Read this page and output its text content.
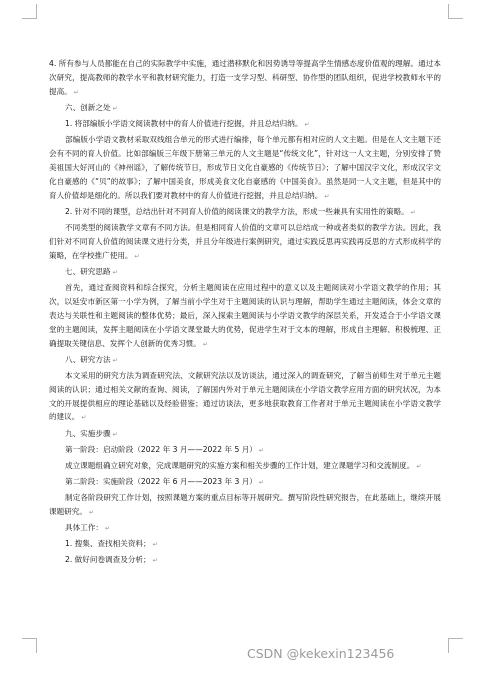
4. 所有参与人员都能在自己的实际教学中实施，通过潜移默化和因势诱导等提高学生情感态度价值观的理解。通过本次研究，提高教师的教学水平和教材研究能力，打造一支学习型、科研型、协作型的团队组织，促进学校教师水平的提高。 ↵

六、创新之处 ↵

1. 将部编版小学语文阅读教材中的育人价值进行挖掘，并且总结归纳。 ↵

部编版小学语文教材采取双线组合单元的形式进行编排，每个单元都有相对应的人文主题。但是在人文主题下还会有不同的育人价值。比如部编版三年级下册第三单元的人文主题是“传统文化”，针对这一人文主题，分别安排了赞美祖国大好河山的《神州谣》，了解传统节日，形成节日文化自豪感的《传统节日》；了解中国汉字文化，形成汉字文化自豪感的《“贝”的故事》；了解中国美食，形成美食文化自豪感的《中国美食》。虽然是同一人文主题，但是其中的育人价值却是细化的。所以我们要对教材中的育人价值进行挖掘，并且总结归纳。 ↵

2. 针对不同的课型，总结出针对不同育人价值的阅读课文的教学方法，形成一些兼具有实用性的策略。 ↵

不同类型的阅读教学文章有不同方法。但是相同育人价值的文章可以总结成一种或者类似的教学方法。因此，我们针对不同育人价值的阅读课文进行分类，并且分年级进行案例研究，通过实践反思再实践再反思的方式形成科学的策略，在学校推广使用。 ↵

七、研究思路 ↵

首先，通过查阅资料和综合探究，分析主题阅读在应用过程中的意义以及主题阅读对小学语文教学的作用；其次，以延安市新区第一小学为例，了解当前小学生对于主题阅读的认识与理解，帮助学生通过主题阅读，体会文章的表达与关联性和主题阅读的整体优势；最后，深入探索主题阅读与小学语文教学的深层关系，开发适合于小学语文课堂的主题阅读，发挥主题阅读在小学语文课堂最大的优势，促进学生对于文本的理解，形成自主理解、积极梳理、正确提取关键信息、发挥个人创新的优秀习惯。 ↵

八、研究方法 ↵

本文采用的研究方法为调查研究法、文献研究法以及访谈法，通过深入的调查研究，了解当前师生对于单元主题阅读的认识；通过相关文献的查询、阅读，了解国内外对于单元主题阅读在小学语文教学应用方面的研究状况，为本文的开展提供相应的理论基础以及经验借鉴；通过访谈法，更多地获取教育工作者对于单元主题阅读在小学语文教学的建议。 ↵

九、实施步骤 ↵

第一阶段：启动阶段（2022 年 3 月——2022 年 5 月） ↵

成立课题组确立研究对象，完成课题研究的实施方案和相关步骤的工作计划，建立课题学习和交流制度。 ↵

第二阶段：实施阶段（2022 年 6 月——2023 年 3 月） ↵

制定各阶段研究工作计划，按照课题方案的重点目标等开展研究。撰写阶段性研究报告，在此基础上，继续开展课题研究。 ↵

具体工作： ↵

1. 搜集、查找相关资料； ↵

2. 做好问卷调查及分析； ↵

CSDN @kekexin123456
